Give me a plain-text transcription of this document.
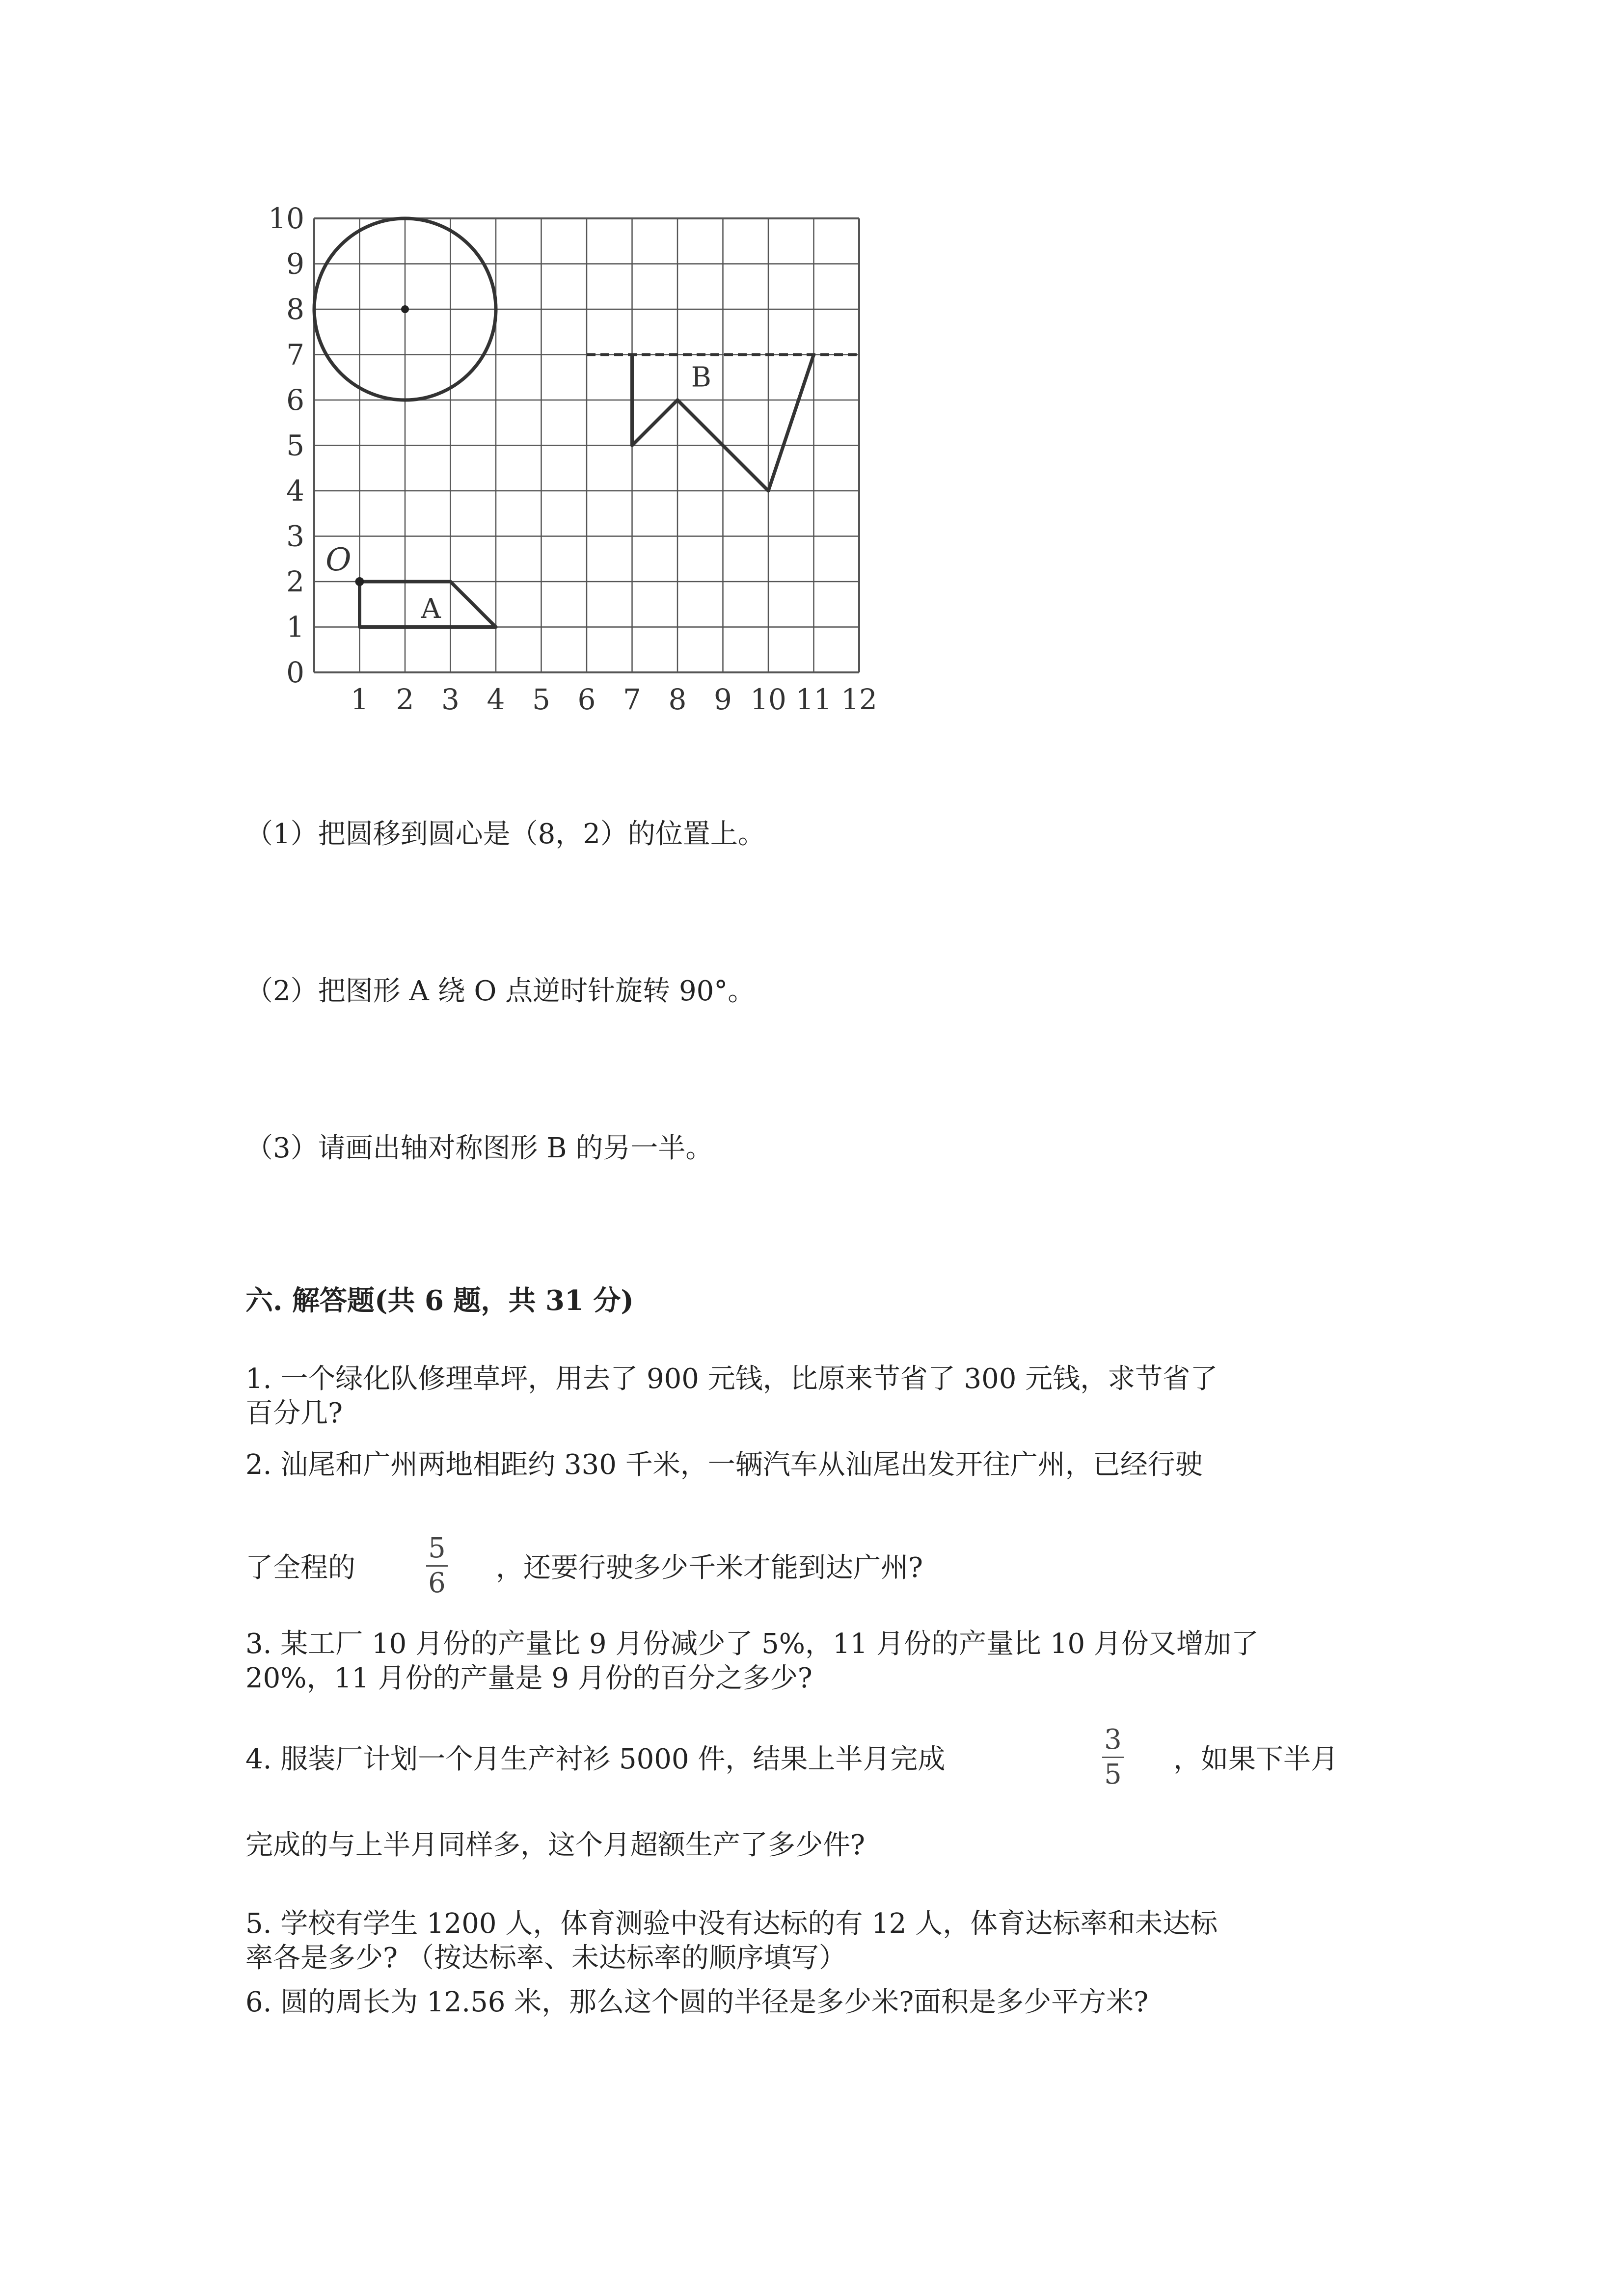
0
1
2
3
4
5
6
7
8
9
10
1 2 3 4 5 6 7 8 9 10 11 12
A
B
O
（1）把圆移到圆心是（8，2）的位置上。
（2）把图形 A 绕 O 点逆时针旋转 90°。
（3）请画出轴对称图形 B 的另一半。
六. 解答题(共 6 题，共 31 分)
1. 一个绿化队修理草坪，用去了 900 元钱，比原来节省了 300 元钱，求节省了
百分几?
2. 汕尾和广州两地相距约 330 千米，一辆汽车从汕尾出发开往广州，已经行驶
了全程的
5
6 ，还要行驶多少千米才能到达广州?
3. 某工厂 10 月份的产量比 9 月份减少了 5%，11 月份的产量比 10 月份又增加了
20%，11 月份的产量是 9 月份的百分之多少?
4. 服装厂计划一个月生产衬衫 5000 件，结果上半月完成
3
5 ，如果下半月
完成的与上半月同样多，这个月超额生产了多少件?
5. 学校有学生 1200 人，体育测验中没有达标的有 12 人，体育达标率和未达标
率各是多少? （按达标率、未达标率的顺序填写）
6. 圆的周长为 12.56 米，那么这个圆的半径是多少米?面积是多少平方米?
